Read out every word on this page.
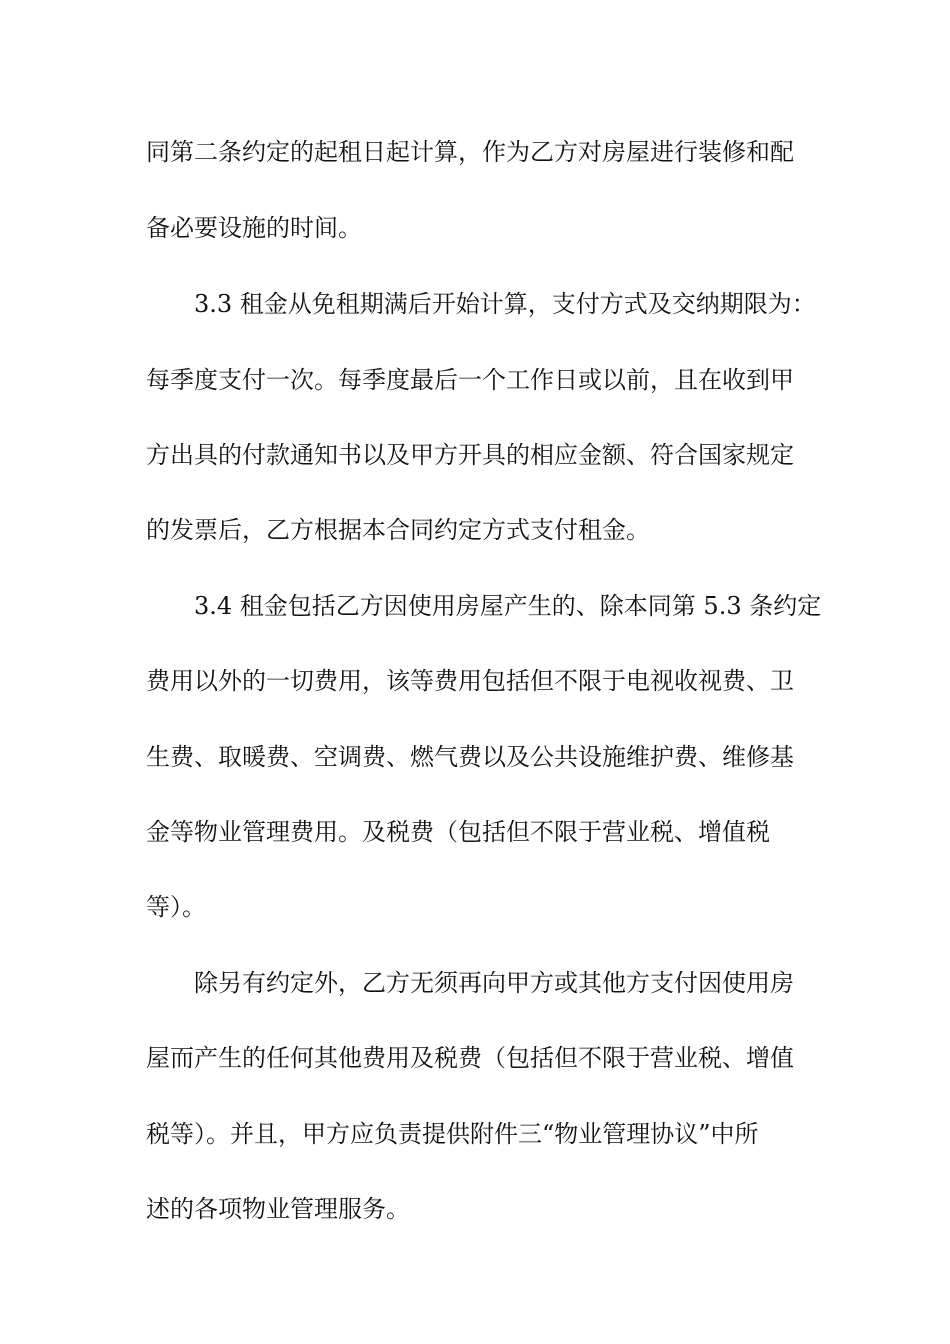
同第二条约定的起租日起计算，作为乙方对房屋进行装修和配
备必要设施的时间。
3.3 租金从免租期满后开始计算，支付方式及交纳期限为：
每季度支付一次。每季度最后一个工作日或以前，且在收到甲
方出具的付款通知书以及甲方开具的相应金额、符合国家规定
的发票后，乙方根据本合同约定方式支付租金。
3.4 租金包括乙方因使用房屋产生的、除本同第 5.3 条约定
费用以外的一切费用，该等费用包括但不限于电视收视费、卫
生费、取暖费、空调费、燃气费以及公共设施维护费、维修基
金等物业管理费用。及税费（包括但不限于营业税、增值税
等）。
除另有约定外，乙方无须再向甲方或其他方支付因使用房
屋而产生的任何其他费用及税费（包括但不限于营业税、增值
税等）。并且，甲方应负责提供附件三“物业管理协议”中所
述的各项物业管理服务。
